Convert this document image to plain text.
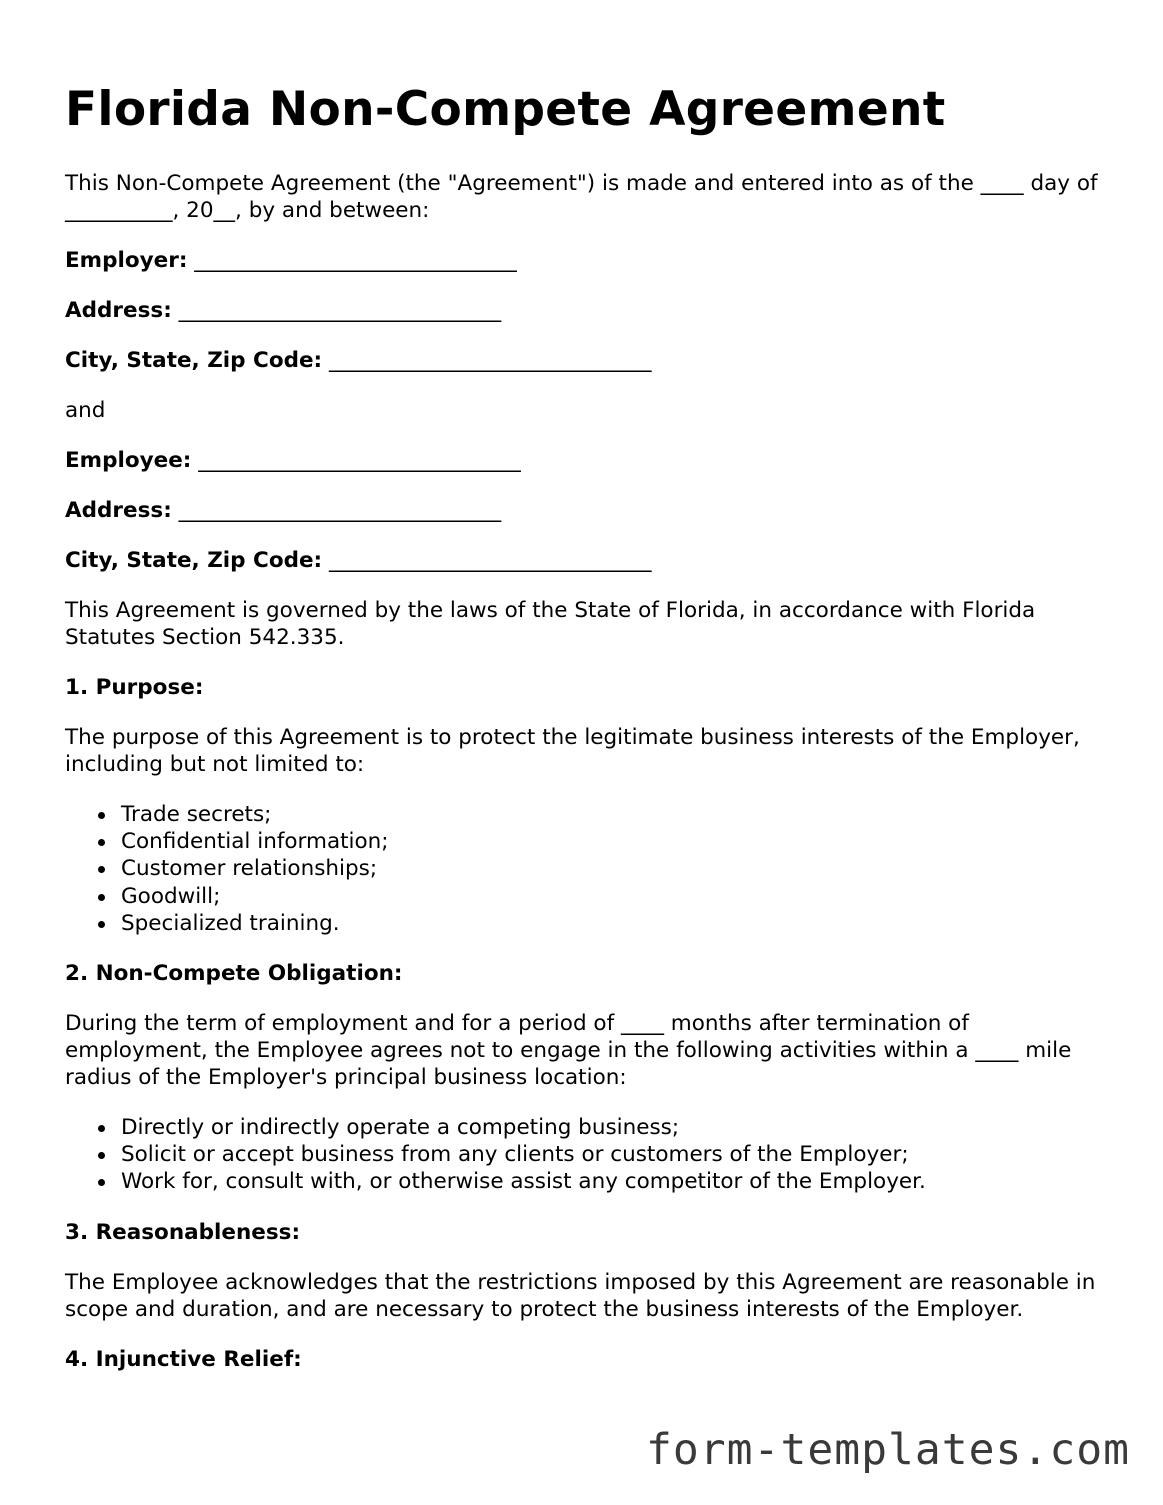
Florida Non-Compete Agreement

This Non-Compete Agreement (the "Agreement") is made and entered into as of the ____ day of __________, 20__, by and between:

Employer: ______________________________

Address: ______________________________

City, State, Zip Code: ______________________________

and

Employee: ______________________________

Address: ______________________________

City, State, Zip Code: ______________________________

This Agreement is governed by the laws of the State of Florida, in accordance with Florida Statutes Section 542.335.

1. Purpose:

The purpose of this Agreement is to protect the legitimate business interests of the Employer, including but not limited to:

Trade secrets;
Confidential information;
Customer relationships;
Goodwill;
Specialized training.

2. Non-Compete Obligation:

During the term of employment and for a period of ____ months after termination of employment, the Employee agrees not to engage in the following activities within a ____ mile radius of the Employer's principal business location:

Directly or indirectly operate a competing business;
Solicit or accept business from any clients or customers of the Employer;
Work for, consult with, or otherwise assist any competitor of the Employer.

3. Reasonableness:

The Employee acknowledges that the restrictions imposed by this Agreement are reasonable in scope and duration, and are necessary to protect the business interests of the Employer.

4. Injunctive Relief:

form-templates.com
